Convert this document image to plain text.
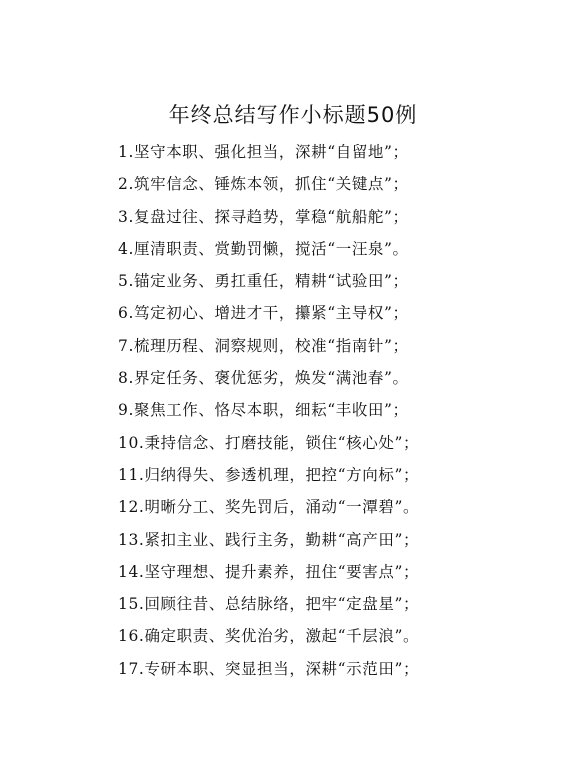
年终总结写作小标题50例
1.坚守本职、强化担当，深耕“自留地”；
2.筑牢信念、锤炼本领，抓住“关键点”；
3.复盘过往、探寻趋势，掌稳“航船舵”；
4.厘清职责、赏勤罚懒，搅活“一汪泉”。
5.锚定业务、勇扛重任，精耕“试验田”；
6.笃定初心、增进才干，攥紧“主导权”；
7.梳理历程、洞察规则，校准“指南针”；
8.界定任务、褒优惩劣，焕发“满池春”。
9.聚焦工作、恪尽本职，细耘“丰收田”；
10.秉持信念、打磨技能，锁住“核心处”；
11.归纳得失、参透机理，把控“方向标”；
12.明晰分工、奖先罚后，涌动“一潭碧”。
13.紧扣主业、践行主务，勤耕“高产田”；
14.坚守理想、提升素养，扭住“要害点”；
15.回顾往昔、总结脉络，把牢“定盘星”；
16.确定职责、奖优治劣，激起“千层浪”。
17.专研本职、突显担当，深耕“示范田”；
